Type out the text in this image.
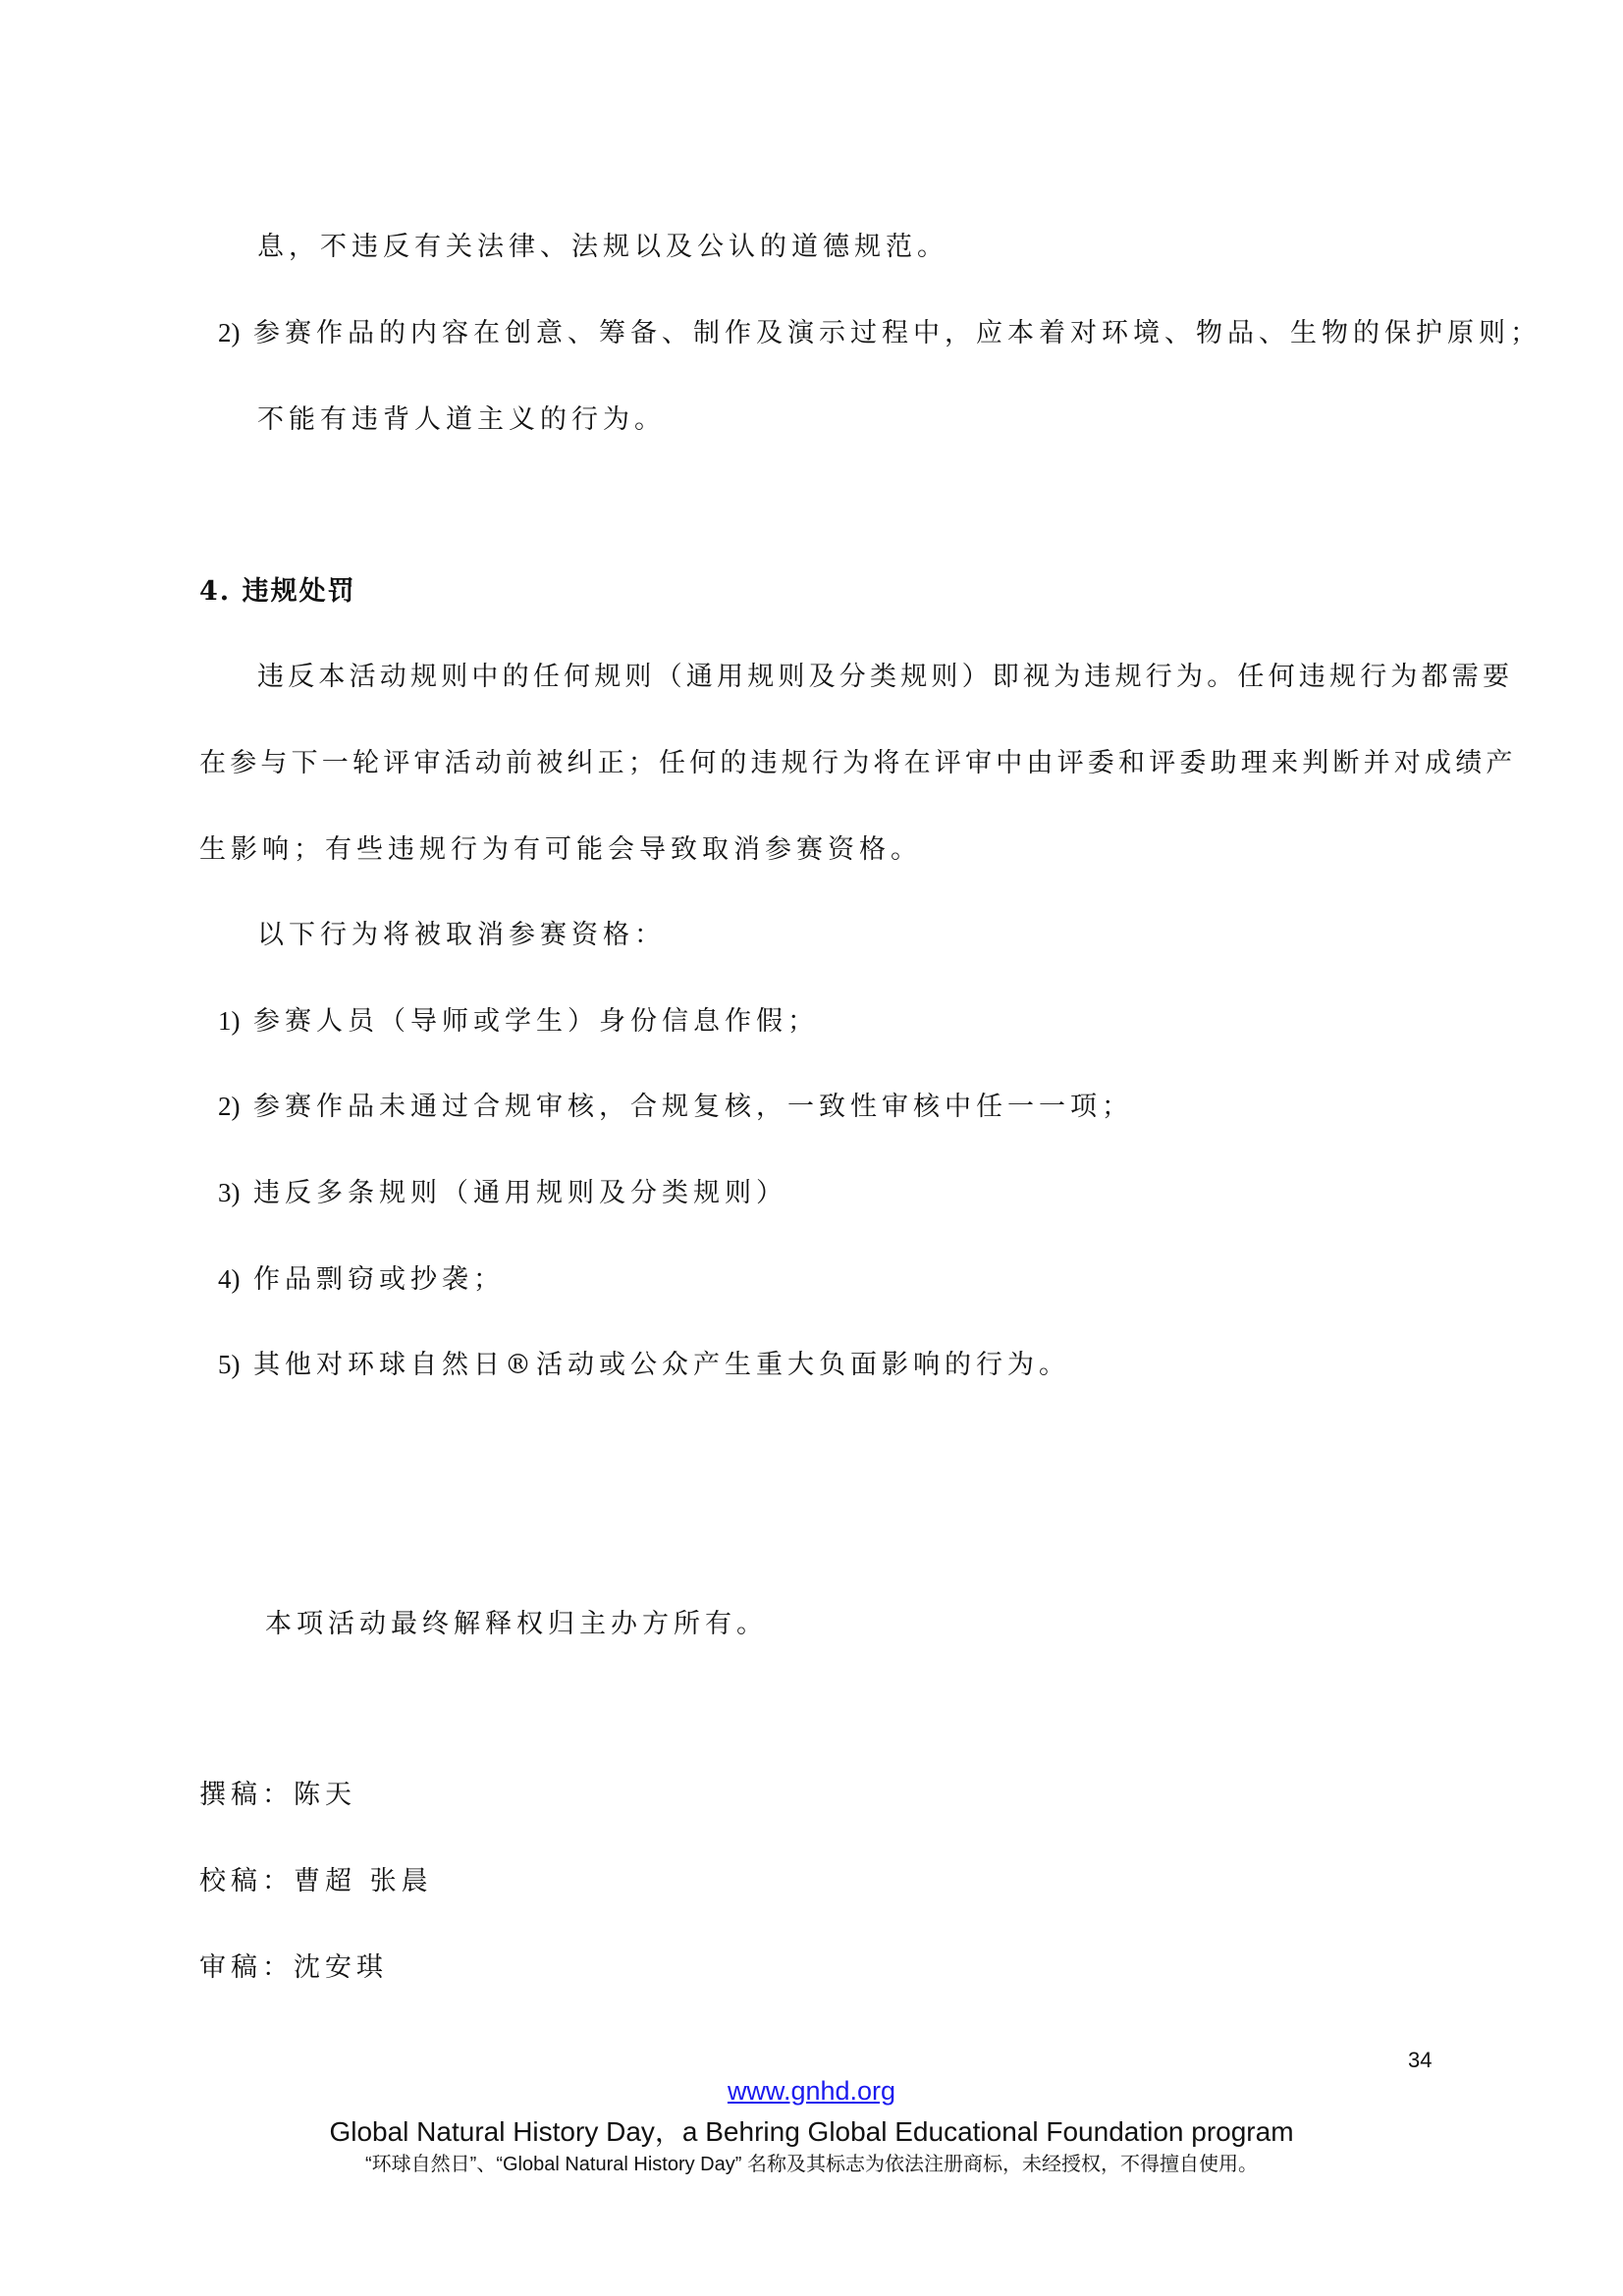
息，不违反有关法律、法规以及公认的道德规范。
2) 参赛作品的内容在创意、筹备、制作及演示过程中，应本着对环境、物品、生物的保护原则；
不能有违背人道主义的行为。
4. 违规处罚
违反本活动规则中的任何规则（通用规则及分类规则）即视为违规行为。任何违规行为都需要
在参与下一轮评审活动前被纠正；任何的违规行为将在评审中由评委和评委助理来判断并对成绩产
生影响；有些违规行为有可能会导致取消参赛资格。
以下行为将被取消参赛资格：
1) 参赛人员（导师或学生）身份信息作假；
2) 参赛作品未通过合规审核，合规复核，一致性审核中任一一项；
3) 违反多条规则（通用规则及分类规则）
4) 作品剽窃或抄袭；
5) 其他对环球自然日®活动或公众产生重大负面影响的行为。
本项活动最终解释权归主办方所有。
撰稿：陈天
校稿：曹超 张晨
审稿：沈安琪
34
www.gnhd.org
Global Natural History Day，a Behring Global Educational Foundation program
“环球自然日”、“Global Natural History Day” 名称及其标志为依法注册商标，未经授权，不得擅自使用。
